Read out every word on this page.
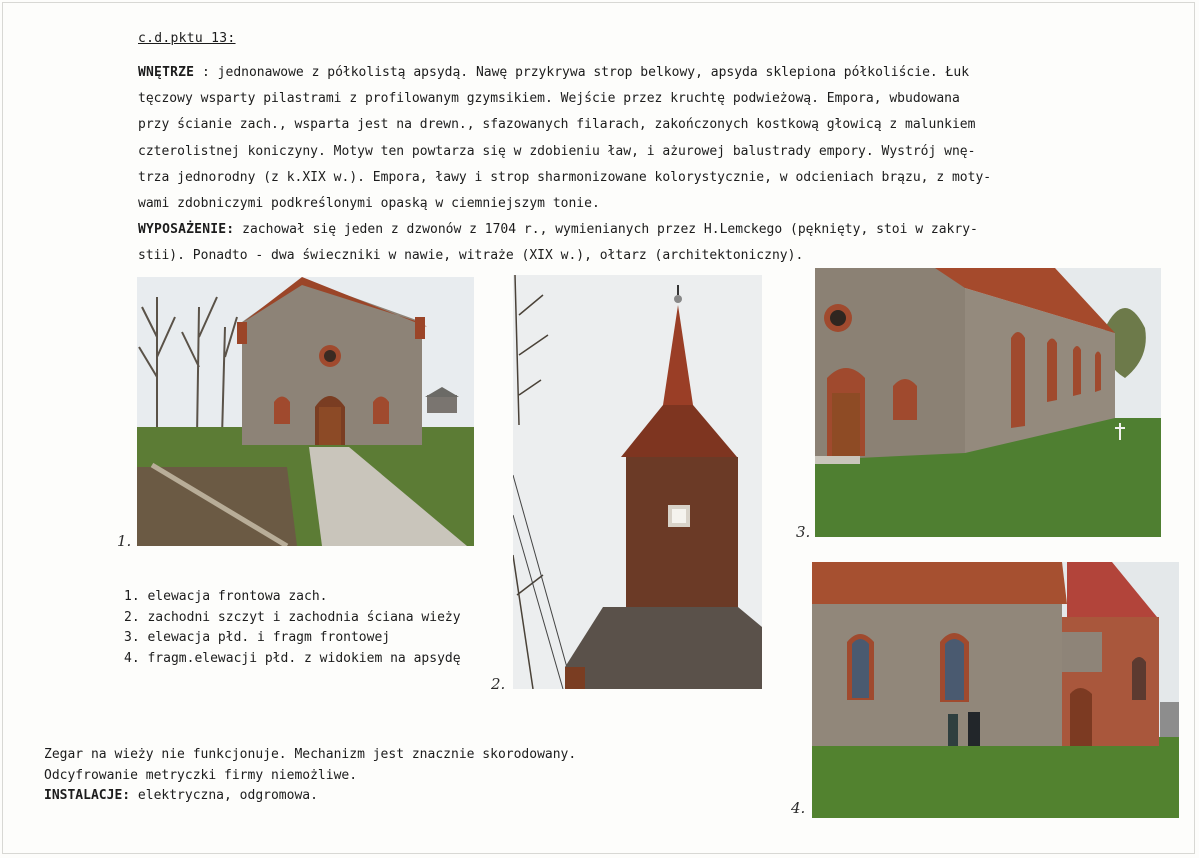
c.d.pktu 13:
WNĘTRZE : jednonawowe z półkolistą apsydą. Nawę przykrywa strop belkowy, apsyda sklepiona półkoliście. Łuk
tęczowy wsparty pilastrami z profilowanym gzymsikiem. Wejście przez kruchtę podwieżową. Empora, wbudowana
przy ścianie zach., wsparta jest na drewn., sfazowanych filarach, zakończonych kostkową głowicą z malunkiem
czterolistnej koniczyny. Motyw ten powtarza się w zdobieniu ław, i ażurowej balustrady empory. Wystrój wnę-
trza jednorodny (z k.XIX w.). Empora, ławy i strop sharmonizowane kolorystycznie, w odcieniach brązu, z moty-
wami zdobniczymi podkreślonymi opaską w ciemniejszym tonie.
WYPOSAŻENIE: zachował się jeden z dzwonów z 1704 r., wymienianych przez H.Lemckego (pęknięty, stoi w zakry-
stii). Ponadto - dwa świeczniki w nawie, witraże (XIX w.), ołtarz (architektoniczny).
1.
2.
3.
1. elewacja frontowa zach.
2. zachodni szczyt i zachodnia ściana wieży
3. elewacja płd. i fragm frontowej
4. fragm.elewacji płd. z widokiem na apsydę
4.
Zegar na wieży nie funkcjonuje. Mechanizm jest znacznie skorodowany.
Odcyfrowanie metryczki firmy niemożliwe.
INSTALACJE: elektryczna, odgromowa.
